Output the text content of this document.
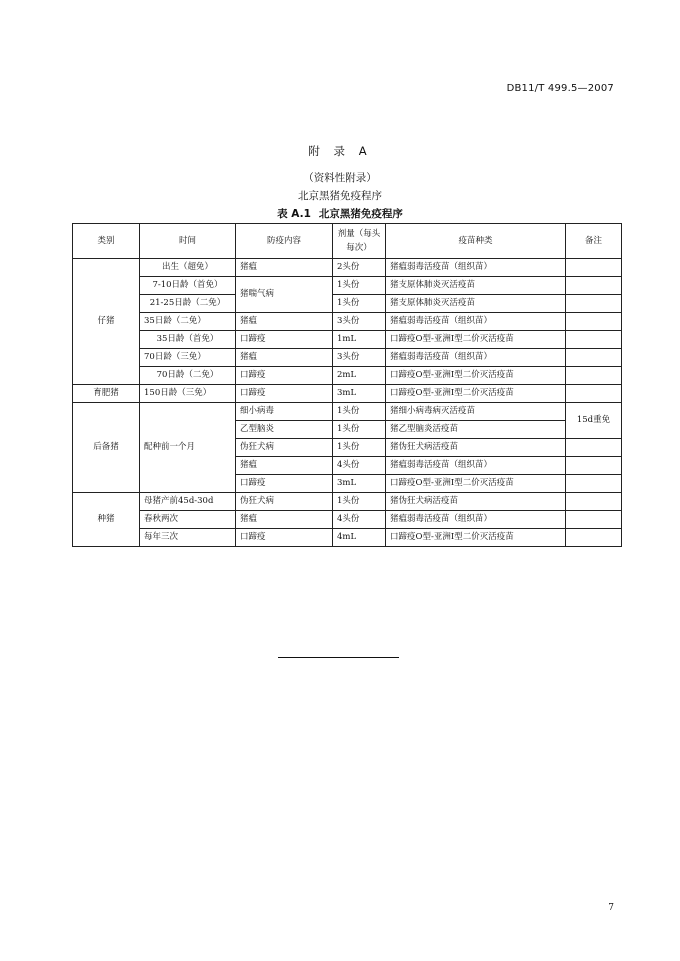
DB11/T 499.5—2007
附 录 A
（资料性附录）
北京黑猪免疫程序
表 A.1 北京黑猪免疫程序
类别	时间	防疫内容	剂量（每头每次）	疫苗种类	备注
仔猪	出生（超免）	猪瘟	2头份	猪瘟弱毒活疫苗（组织苗）	
	7-10日龄（首免）	猪喘气病	1头份	猪支原体肺炎灭活疫苗	
	21-25日龄（二免）		1头份	猪支原体肺炎灭活疫苗	
	35日龄（二免）	猪瘟	3头份	猪瘟弱毒活疫苗（组织苗）	
	35日龄（首免）	口蹄疫	1mL	口蹄疫O型-亚洲Ⅰ型二价灭活疫苗	
	70日龄（三免）	猪瘟	3头份	猪瘟弱毒活疫苗（组织苗）	
	70日龄（二免）	口蹄疫	2mL	口蹄疫O型-亚洲Ⅰ型二价灭活疫苗	
育肥猪	150日龄（三免）	口蹄疫	3mL	口蹄疫O型-亚洲Ⅰ型二价灭活疫苗	
后备猪	配种前一个月	细小病毒	1头份	猪细小病毒病灭活疫苗	15d重免
		乙型脑炎	1头份	猪乙型脑炎活疫苗	
		伪狂犬病	1头份	猪伪狂犬病活疫苗	
		猪瘟	4头份	猪瘟弱毒活疫苗（组织苗）	
		口蹄疫	3mL	口蹄疫O型-亚洲Ⅰ型二价灭活疫苗	
种猪	母猪产前45d-30d	伪狂犬病	1头份	猪伪狂犬病活疫苗	
	春秋两次	猪瘟	4头份	猪瘟弱毒活疫苗（组织苗）	
	每年三次	口蹄疫	4mL	口蹄疫O型-亚洲Ⅰ型二价灭活疫苗	
7
